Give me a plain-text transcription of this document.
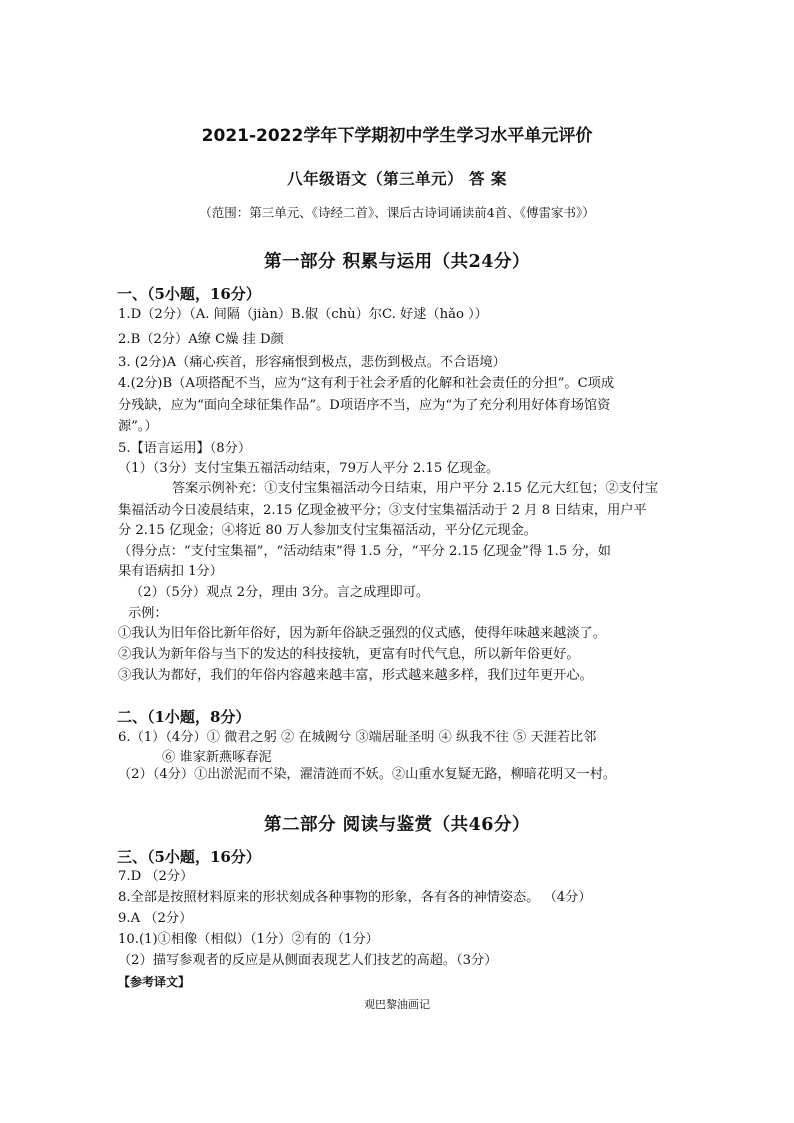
2021-2022学年下学期初中学生学习水平单元评价
八年级语文（第三单元） 答 案
（范围：第三单元、《诗经二首》、课后古诗词诵读前4首、《傅雷家书》）
第一部分 积累与运用（共24分）
一、（5小题，16分）
1.D（2分）（A. 间隔（jiàn）B.俶（chù）尔C. 好逑（hǎo ））
2.B（2分）A缭 C燥 挂 D颜
3. (2分)A（痛心疾首，形容痛恨到极点，悲伤到极点。不合语境）
4.(2分)B（A项搭配不当，应为“这有利于社会矛盾的化解和社会责任的分担”。C项成
分残缺，应为“面向全球征集作品”。D项语序不当，应为“为了充分利用好体育场馆资
源”。）
5.【语言运用】（8分）
（1）（3分）支付宝集五福活动结束，79万人平分 2.15 亿现金。
答案示例补充：①支付宝集福活动今日结束，用户平分 2.15 亿元大红包；②支付宝
集福活动今日凌晨结束，2.15 亿现金被平分；③支付宝集福活动于 2 月 8 日结束，用户平
分 2.15 亿现金；④将近 80 万人参加支付宝集福活动，平分亿元现金。
（得分点：“支付宝集福”，“活动结束”得 1.5 分，“平分 2.15 亿现金”得 1.5 分，如
果有语病扣 1分）
（2）（5分）观点 2分，理由 3分。言之成理即可。
示例：
①我认为旧年俗比新年俗好，因为新年俗缺乏强烈的仪式感，使得年味越来越淡了。
②我认为新年俗与当下的发达的科技接轨，更富有时代气息，所以新年俗更好。
③我认为都好，我们的年俗内容越来越丰富，形式越来越多样，我们过年更开心。
二、（1小题，8分）
6.（1）（4分）① 微君之躬 ② 在城阙兮 ③端居耻圣明 ④ 纵我不往 ⑤ 天涯若比邻
⑥ 谁家新燕啄春泥
（2）（4分）①出淤泥而不染，濯清涟而不妖。②山重水复疑无路，柳暗花明又一村。
第二部分 阅读与鉴赏（共46分）
三、（5小题，16分）
7.D （2分）
8.全部是按照材料原来的形状刻成各种事物的形象，各有各的神情姿态。 （4分）
9.A （2分）
10.(1)①相像（相似）（1分）②有的（1分）
（2）描写参观者的反应是从侧面表现艺人们技艺的高超。（3分）
【参考译文】
观巴黎油画记
